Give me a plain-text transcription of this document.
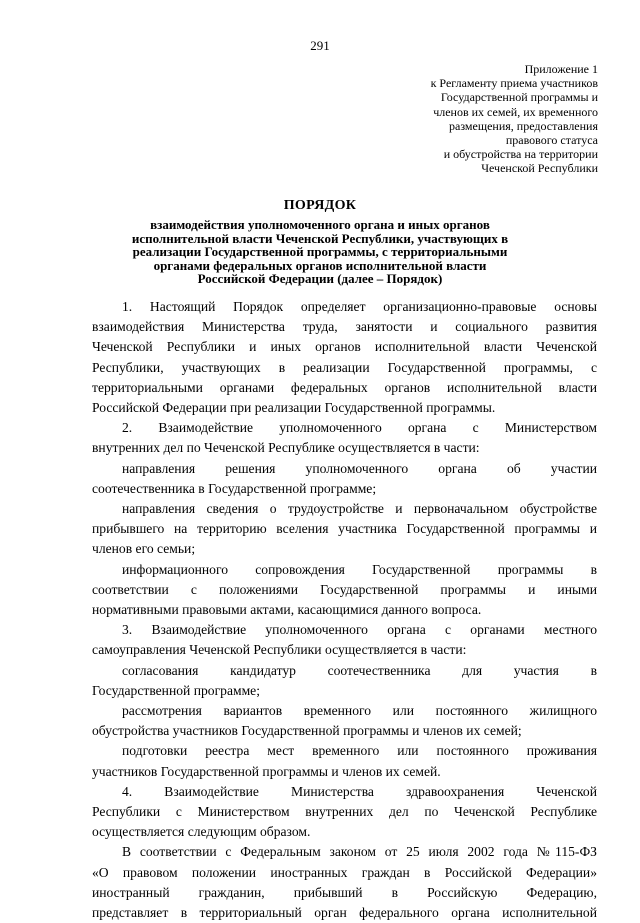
291
Приложение 1
к Регламенту приема участников
Государственной программы и
членов их семей, их временного
размещения, предоставления
правового статуса
и обустройства на территории
Чеченской Республики
ПОРЯДОК
взаимодействия уполномоченного органа и иных органов
исполнительной власти Чеченской Республики, участвующих в
реализации Государственной программы, с территориальными
органами федеральных органов исполнительной власти
Российской Федерации (далее – Порядок)
1. Настоящий Порядок определяет организационно-правовые основы
взаимодействия Министерства труда, занятости и социального развития
Чеченской Республики и иных органов исполнительной власти Чеченской
Республики, участвующих в реализации Государственной программы, с
территориальными органами федеральных органов исполнительной власти
Российской Федерации при реализации Государственной программы.
2. Взаимодействие уполномоченного органа с Министерством
внутренних дел по Чеченской Республике осуществляется в части:
направления решения уполномоченного органа об участии
соотечественника в Государственной программе;
направления сведения о трудоустройстве и первоначальном обустройстве
прибывшего на территорию вселения участника Государственной программы и
членов его семьи;
информационного сопровождения Государственной программы в
соответствии с положениями Государственной программы и иными
нормативными правовыми актами, касающимися данного вопроса.
3. Взаимодействие уполномоченного органа с органами местного
самоуправления Чеченской Республики осуществляется в части:
согласования кандидатур соотечественника для участия в
Государственной программе;
рассмотрения вариантов временного или постоянного жилищного
обустройства участников Государственной программы и членов их семей;
подготовки реестра мест временного или постоянного проживания
участников Государственной программы и членов их семей.
4. Взаимодействие Министерства здравоохранения Чеченской
Республики с Министерством внутренних дел по Чеченской Республике
осуществляется следующим образом.
В соответствии с Федеральным законом от 25 июля 2002 года №115-ФЗ
«О правовом положении иностранных граждан в Российской Федерации»
иностранный гражданин, прибывший в Российскую Федерацию,
представляет в территориальный орган федерального органа исполнительной
